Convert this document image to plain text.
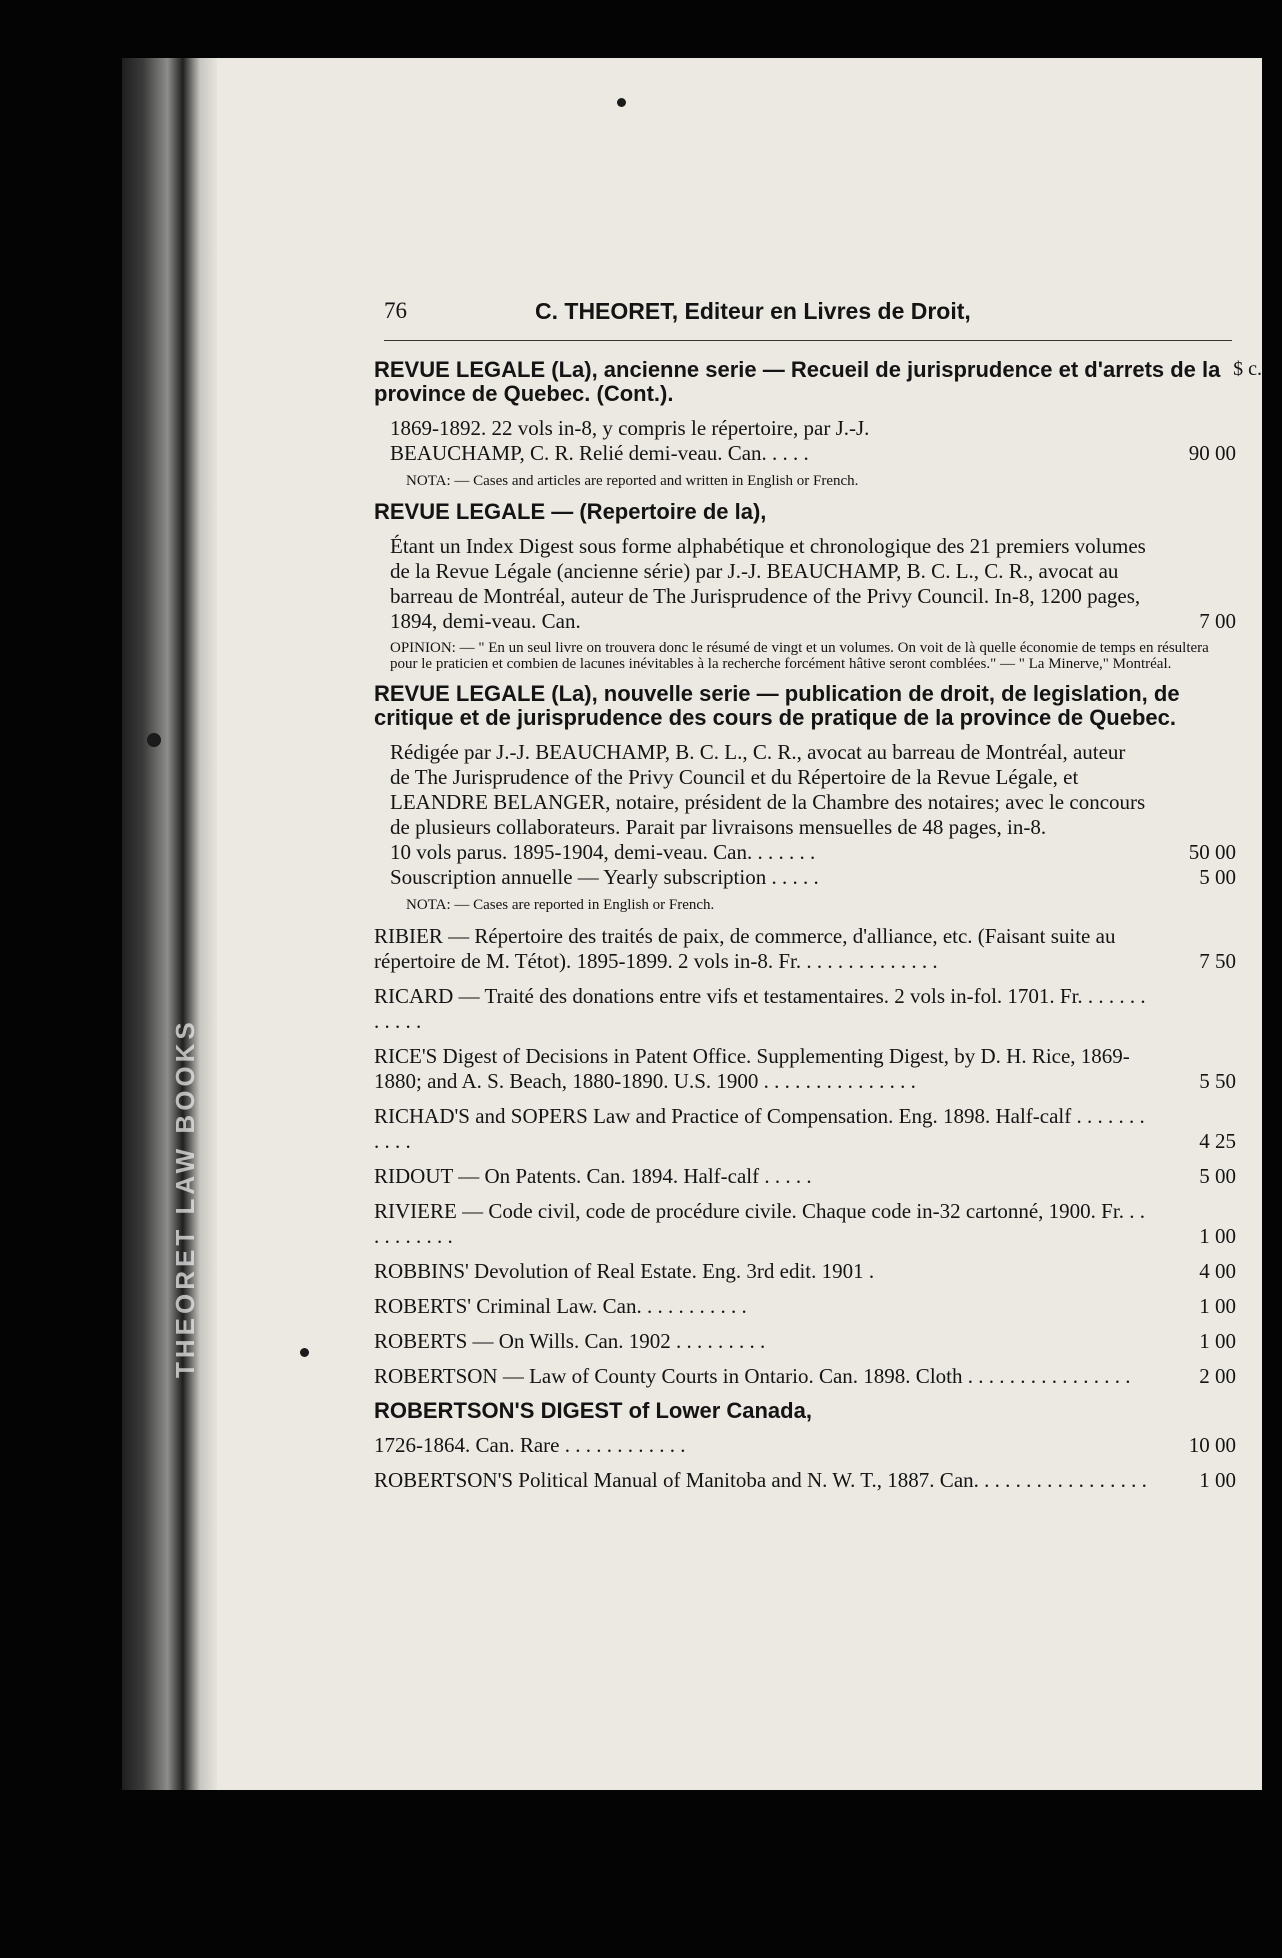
THEORET LAW BOOKS
76	C. THEORET, Editeur en Livres de Droit,
$ c.
REVUE LEGALE (La), ancienne serie — Recueil de jurisprudence et d'arrets de la province de Quebec. (Cont.).
1869-1892. 22 vols in-8, y compris le répertoire, par J.-J.
BEAUCHAMP, C. R. Relié demi-veau. Can. . . . .	90 00
NOTA: — Cases and articles are reported and written in English or French.
REVUE LEGALE — (Repertoire de la),
Étant un Index Digest sous forme alphabétique et chronologique des 21 premiers volumes de la Revue Légale (ancienne série) par J.-J. BEAUCHAMP, B. C. L., C. R., avocat au barreau de Montréal, auteur de The Jurisprudence of the Privy Council. In-8, 1200 pages, 1894, demi-veau. Can.	7 00
OPINION: — " En un seul livre on trouvera donc le résumé de vingt et un volumes. On voit de là quelle économie de temps en résultera pour le praticien et combien de lacunes inévitables à la recherche forcément hâtive seront comblées." — " La Minerve," Montréal.
REVUE LEGALE (La), nouvelle serie — publication de droit, de legislation, de critique et de jurisprudence des cours de pratique de la province de Quebec.
Rédigée par J.-J. BEAUCHAMP, B. C. L., C. R., avocat au barreau de Montréal, auteur de The Jurisprudence of the Privy Council et du Répertoire de la Revue Légale, et LEANDRE BELANGER, notaire, président de la Chambre des notaires; avec le concours de plusieurs collaborateurs. Parait par livraisons mensuelles de 48 pages, in-8.
10 vols parus. 1895-1904, demi-veau. Can. . . . . . .	50 00
Souscription annuelle — Yearly subscription . . . . .	5 00
NOTA: — Cases are reported in English or French.
RIBIER — Répertoire des traités de paix, de commerce, d'alliance, etc. (Faisant suite au répertoire de M. Tétot). 1895-1899. 2 vols in-8. Fr. . . . . . . . . . . . . .	7 50
RICARD — Traité des donations entre vifs et testamentaires. 2 vols in-fol. 1701. Fr. . . . . . . . . . . .
RICE'S Digest of Decisions in Patent Office. Supplementing Digest, by D. H. Rice, 1869-1880; and A. S. Beach, 1880-1890. U.S. 1900 . . . . . . . . . . . . . . .	5 50
RICHAD'S and SOPERS Law and Practice of Compensation. Eng. 1898. Half-calf . . . . . . . . . . .	4 25
RIDOUT — On Patents. Can. 1894. Half-calf . . . . .	5 00
RIVIERE — Code civil, code de procédure civile. Chaque code in-32 cartonné, 1900. Fr. . . . . . . . . . .	1 00
ROBBINS' Devolution of Real Estate. Eng. 3rd edit. 1901 .	4 00
ROBERTS' Criminal Law. Can. . . . . . . . . . .	1 00
ROBERTS — On Wills. Can. 1902 . . . . . . . . .	1 00
ROBERTSON — Law of County Courts in Ontario. Can. 1898. Cloth . . . . . . . . . . . . . . . .	2 00
ROBERTSON'S DIGEST of Lower Canada,
1726-1864. Can. Rare . . . . . . . . . . . .	10 00
ROBERTSON'S Political Manual of Manitoba and N. W. T., 1887. Can. . . . . . . . . . . . . . . . .	1 00
